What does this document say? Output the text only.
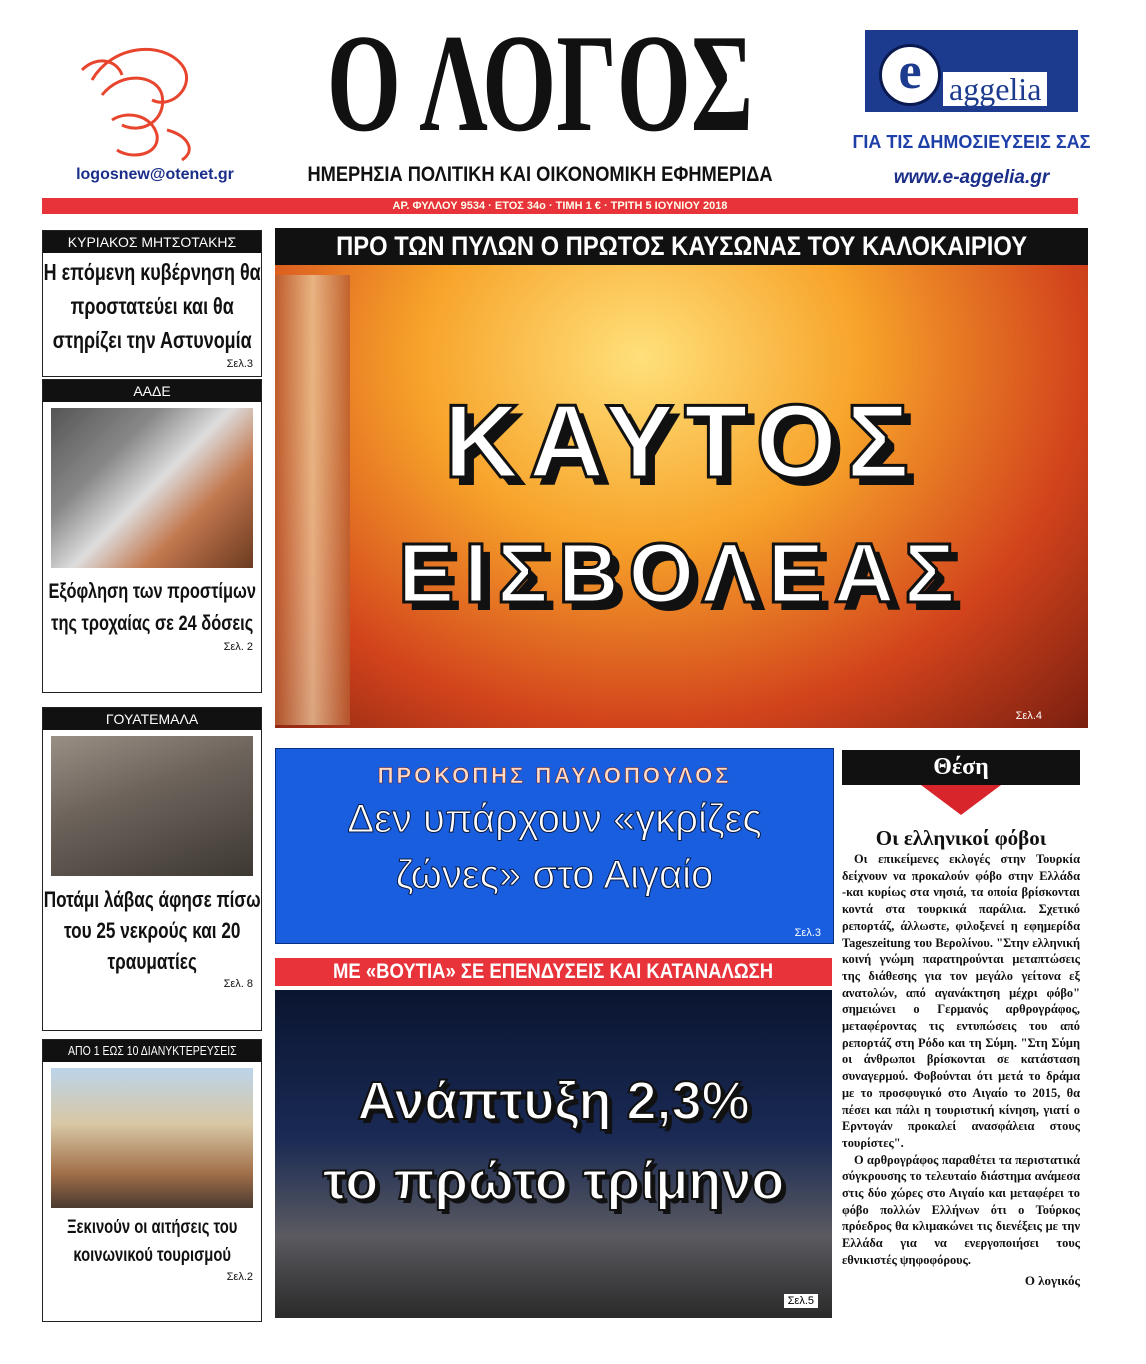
logosnew@otenet.gr
Ο ΛΟΓΟΣ
ΗΜΕΡΗΣΙΑ ΠΟΛΙΤΙΚΗ ΚΑΙ ΟΙΚΟΝΟΜΙΚΗ ΕΦΗΜΕΡΙΔΑ
e aggelia
ΓΙΑ ΤΙΣ ΔΗΜΟΣΙΕΥΣΕΙΣ ΣΑΣ
www.e-aggelia.gr
ΑΡ. ΦΥΛΛΟΥ 9534 · ΕΤΟΣ 34ο · ΤΙΜΗ 1 € · ΤΡΙΤΗ 5 ΙΟΥΝΙΟΥ 2018
ΚΥΡΙΑΚΟΣ ΜΗΤΣΟΤΑΚΗΣ
Η επόμενη κυβέρνηση θα προστατεύει και θα στηρίζει την Αστυνομία
Σελ.3
ΑΑΔΕ
Εξόφληση των προστίμων της τροχαίας σε 24 δόσεις
Σελ. 2
ΓΟΥΑΤΕΜΑΛΑ
Ποτάμι λάβας άφησε πίσω του 25 νεκρούς και 20 τραυματίες
Σελ. 8
ΑΠΟ 1 ΕΩΣ 10 ΔΙΑΝΥΚΤΕΡΕΥΣΕΙΣ
Ξεκινούν οι αιτήσεις του κοινωνικού τουρισμού
Σελ.2
ΠΡΟ ΤΩΝ ΠΥΛΩΝ Ο ΠΡΩΤΟΣ ΚΑΥΣΩΝΑΣ ΤΟΥ ΚΑΛΟΚΑΙΡΙΟΥ
ΚΑΥΤΟΣ
ΕΙΣΒΟΛΕΑΣ
Σελ.4
ΠΡΟΚΟΠΗΣ ΠΑΥΛΟΠΟΥΛΟΣ
Δεν υπάρχουν «γκρίζες ζώνες» στο Αιγαίο
Σελ.3
ΜΕ «ΒΟΥΤΙΑ» ΣΕ ΕΠΕΝΔΥΣΕΙΣ ΚΑΙ ΚΑΤΑΝΑΛΩΣΗ
Ανάπτυξη 2,3%
το πρώτο τρίμηνο
Σελ.5
Θέση
Οι ελληνικοί φόβοι

Οι επικείμενες εκλογές στην Τουρκία δείχνουν να προκαλούν φόβο στην Ελλάδα -και κυρίως στα νησιά, τα οποία βρίσκονται κοντά στα τουρκικά παράλια. Σχετικό ρεπορτάζ, άλλωστε, φιλοξενεί η εφημερίδα Tageszeitung του Βερολίνου. "Στην ελληνική κοινή γνώμη παρατηρούνται μεταπτώσεις της διάθεσης για τον μεγάλο γείτονα εξ ανατολών, από αγανάκτηση μέχρι φόβο" σημειώνει ο Γερμανός αρθρογράφος, μεταφέροντας τις εντυπώσεις του από ρεπορτάζ στη Ρόδο και τη Σύμη. "Στη Σύμη οι άνθρωποι βρίσκονται σε κατάσταση συναγερμού. Φοβούνται ότι μετά το δράμα με το προσφυγικό στο Αιγαίο το 2015, θα πέσει και πάλι η τουριστική κίνηση, γιατί ο Ερντογάν προκαλεί ανασφάλεια στους τουρίστες".

Ο αρθρογράφος παραθέτει τα περιστατικά σύγκρουσης το τελευταίο διάστημα ανάμεσα στις δύο χώρες στο Αιγαίο και μεταφέρει το φόβο πολλών Ελλήνων ότι ο Τούρκος πρόεδρος θα κλιμακώνει τις διενέξεις με την Ελλάδα για να ενεργοποιήσει τους εθνικιστές ψηφοφόρους.

Ο λογικός
